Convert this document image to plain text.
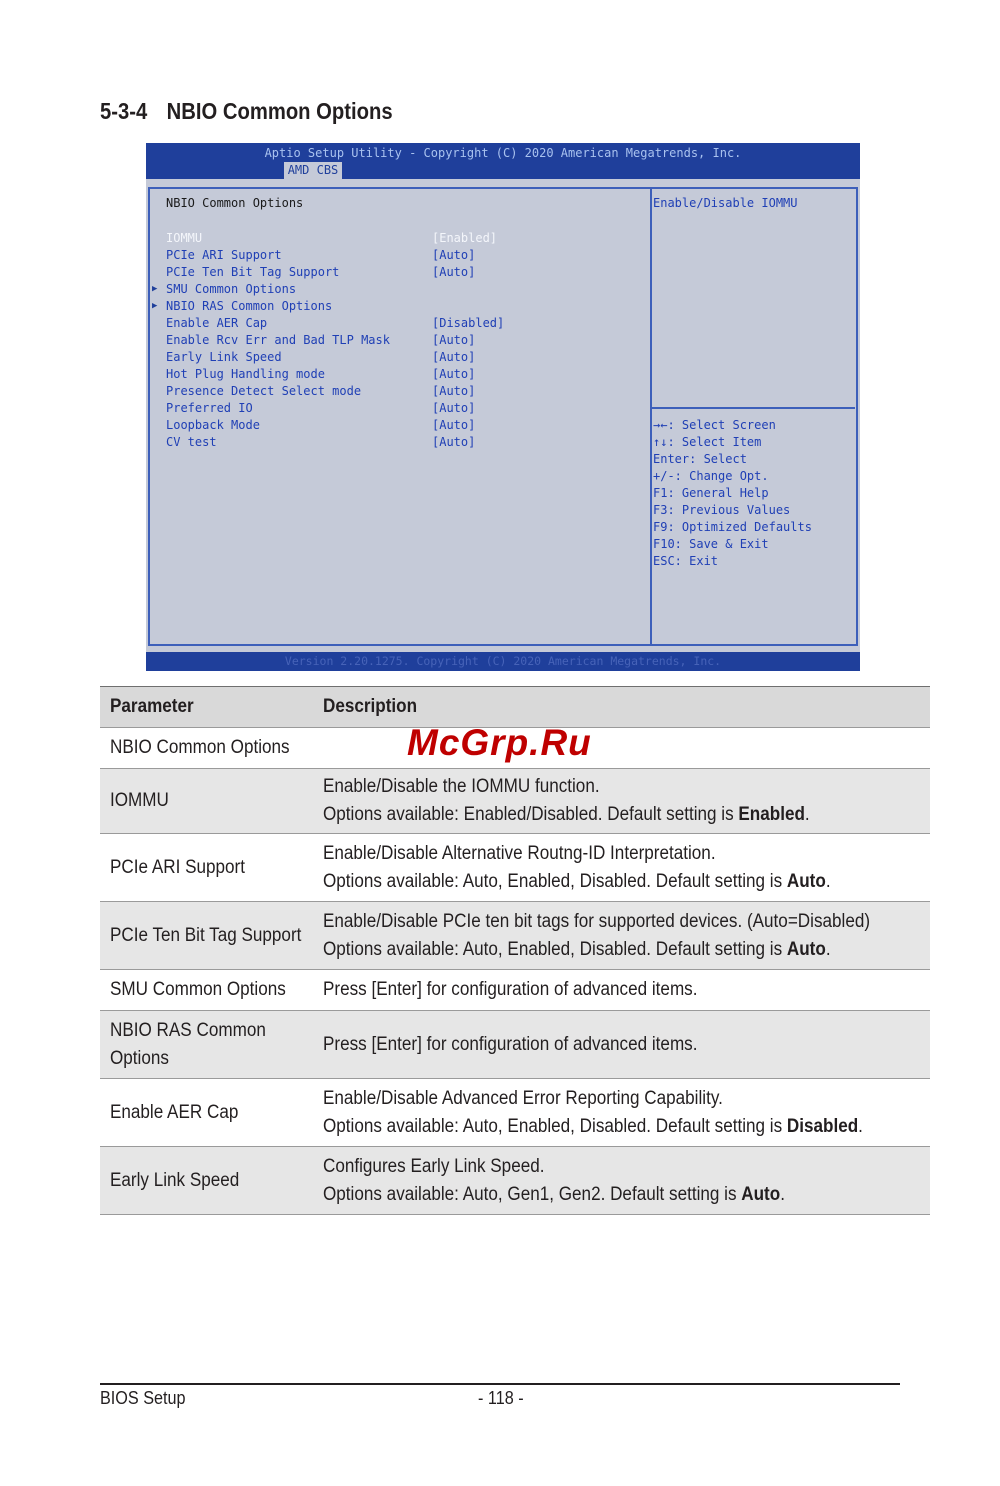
5-3-4 NBIO Common Options
Aptio Setup Utility - Copyright (C) 2020 American Megatrends, Inc.
AMD CBS
NBIO Common Options
IOMMU	[Enabled]
PCIe ARI Support	[Auto]
PCIe Ten Bit Tag Support	[Auto]
▶ SMU Common Options
▶ NBIO RAS Common Options
Enable AER Cap	[Disabled]
Enable Rcv Err and Bad TLP Mask	[Auto]
Early Link Speed	[Auto]
Hot Plug Handling mode	[Auto]
Presence Detect Select mode	[Auto]
Preferred IO	[Auto]
Loopback Mode	[Auto]
CV test	[Auto]
Enable/Disable IOMMU
→←: Select Screen
↑↓: Select Item
Enter: Select
+/-: Change Opt.
F1: General Help
F3: Previous Values
F9: Optimized Defaults
F10: Save & Exit
ESC: Exit
Version 2.20.1275. Copyright (C) 2020 American Megatrends, Inc.
Parameter	Description

NBIO Common Options	

IOMMU	Enable/Disable the IOMMU function.
Options available: Enabled/Disabled. Default setting is Enabled.

PCIe ARI Support	Enable/Disable Alternative Routng-ID Interpretation.
Options available: Auto, Enabled, Disabled. Default setting is Auto.

PCIe Ten Bit Tag Support	Enable/Disable PCIe ten bit tags for supported devices. (Auto=Disabled)
Options available: Auto, Enabled, Disabled. Default setting is Auto.

SMU Common Options	Press [Enter] for configuration of advanced items.

NBIO RAS Common
Options	Press [Enter] for configuration of advanced items.

Enable AER Cap	Enable/Disable Advanced Error Reporting Capability.
Options available: Auto, Enabled, Disabled. Default setting is Disabled.

Early Link Speed	Configures Early Link Speed.
Options available: Auto, Gen1, Gen2. Default setting is Auto.
McGrp.Ru
BIOS Setup	- 118 -
